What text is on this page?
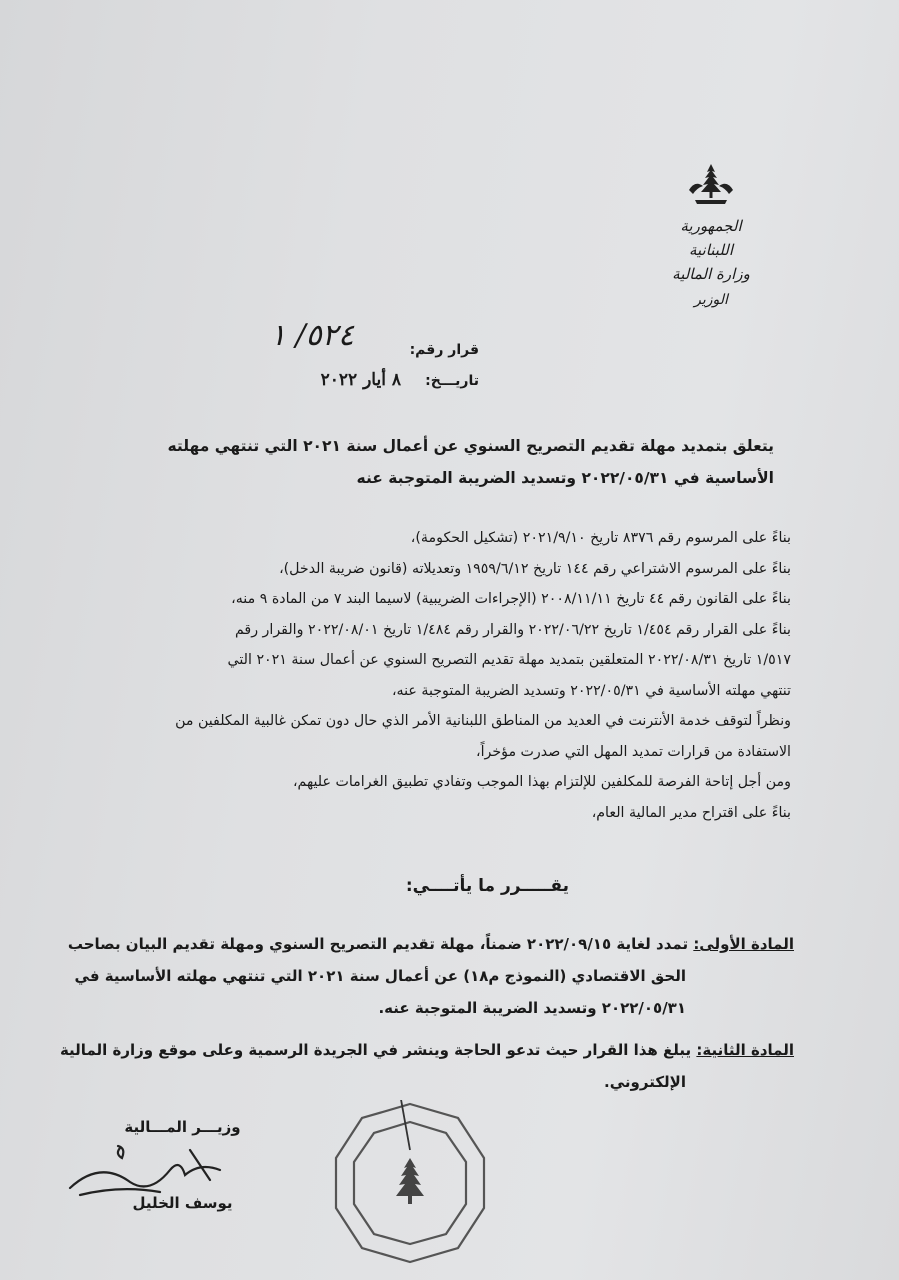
الجمهورية اللبنانية
وزارة المالية
الوزير
قرار رقم:
٥٢٤/ ١
تاريـــخ:
٨ أيار ٢٠٢٢
يتعلق بتمديد مهلة تقديم التصريح السنوي عن أعمال سنة ٢٠٢١ التي تنتهي مهلته الأساسية في ٢٠٢٢/٠٥/٣١ وتسديد الضريبة المتوجبة عنه
بناءً على المرسوم رقم ٨٣٧٦ تاريخ ٢٠٢١/٩/١٠ (تشكيل الحكومة)،
بناءً على المرسوم الاشتراعي رقم ١٤٤ تاريخ ١٩٥٩/٦/١٢ وتعديلاته (قانون ضريبة الدخل)،
بناءً على القانون رقم ٤٤ تاريخ ٢٠٠٨/١١/١١ (الإجراءات الضريبية) لاسيما البند ٧ من المادة ٩ منه،
بناءً على القرار رقم ١/٤٥٤ تاريخ ٢٠٢٢/٠٦/٢٢ والقرار رقم ١/٤٨٤ تاريخ ٢٠٢٢/٠٨/٠١ والقرار رقم
١/٥١٧ تاريخ ٢٠٢٢/٠٨/٣١ المتعلقين بتمديد مهلة تقديم التصريح السنوي عن أعمال سنة ٢٠٢١ التي
تنتهي مهلته الأساسية في ٢٠٢٢/٠٥/٣١ وتسديد الضريبة المتوجبة عنه،
ونظراً لتوقف خدمة الأنترنت في العديد من المناطق اللبنانية الأمر الذي حال دون تمكن غالبية المكلفين من
الاستفادة من قرارات تمديد المهل التي صدرت مؤخراً،
ومن أجل إتاحة الفرصة للمكلفين للإلتزام بهذا الموجب وتفادي تطبيق الغرامات عليهم،
بناءً على اقتراح مدير المالية العام،
يقـــــرر ما يأتــــي:
المادة الأولى: تمدد لغاية ٢٠٢٢/٠٩/١٥ ضمناً، مهلة تقديم التصريح السنوي ومهلة تقديم البيان بصاحب
الحق الاقتصادي (النموذج م١٨) عن أعمال سنة ٢٠٢١ التي تنتهي مهلته الأساسية في
٢٠٢٢/٠٥/٣١ وتسديد الضريبة المتوجبة عنه.
المادة الثانية: يبلغ هذا القرار حيث تدعو الحاجة وينشر في الجريدة الرسمية وعلى موقع وزارة المالية
الإلكتروني.
وزيـــر المـــالية
يوسف الخليل
